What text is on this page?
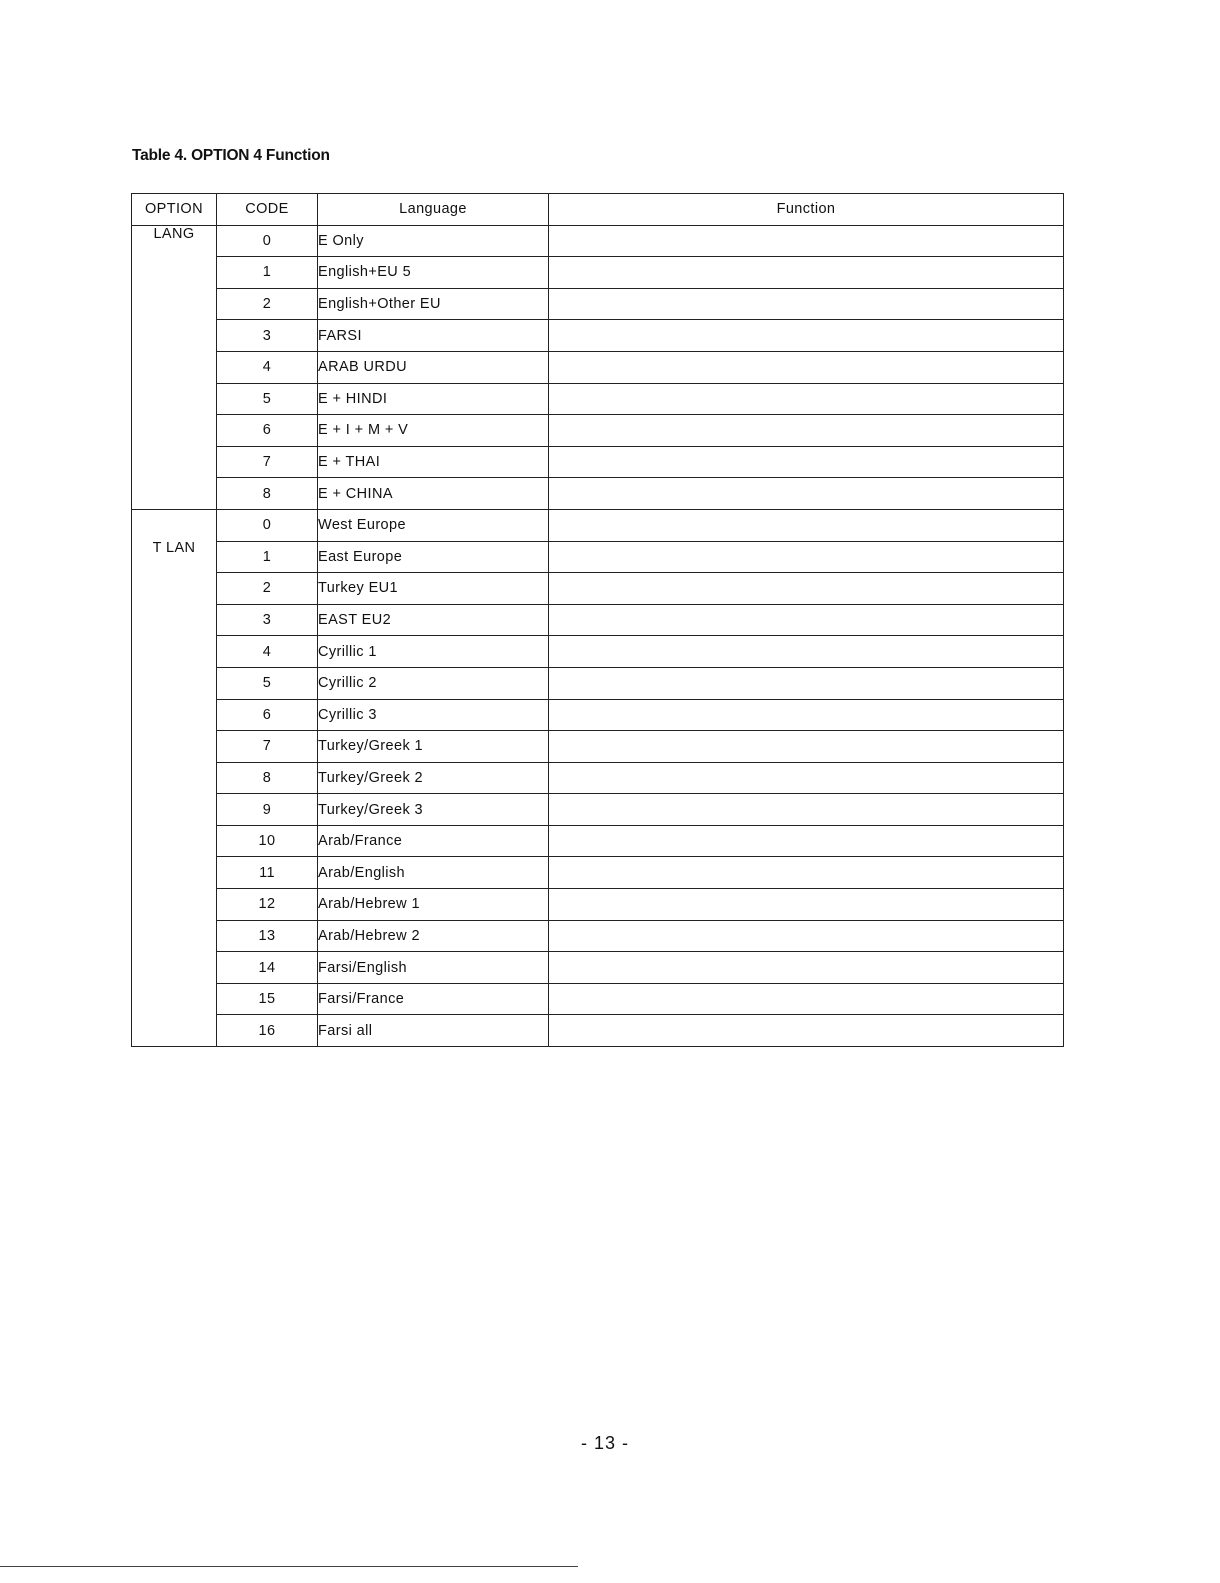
Table 4. OPTION 4 Function
OPTION	CODE	Language	Function
LANG	0	E Only	
	1	English+EU 5	
	2	English+Other EU	
	3	FARSI	
	4	ARAB URDU	
	5	E + HINDI	
	6	E + I + M + V	
	7	E + THAI	
	8	E + CHINA	
T LAN	0	West Europe	
	1	East Europe	
	2	Turkey EU1	
	3	EAST EU2	
	4	Cyrillic 1	
	5	Cyrillic 2	
	6	Cyrillic 3	
	7	Turkey/Greek 1	
	8	Turkey/Greek 2	
	9	Turkey/Greek 3	
	10	Arab/France	
	11	Arab/English	
	12	Arab/Hebrew 1	
	13	Arab/Hebrew 2	
	14	Farsi/English	
	15	Farsi/France	
	16	Farsi all	
- 13 -
